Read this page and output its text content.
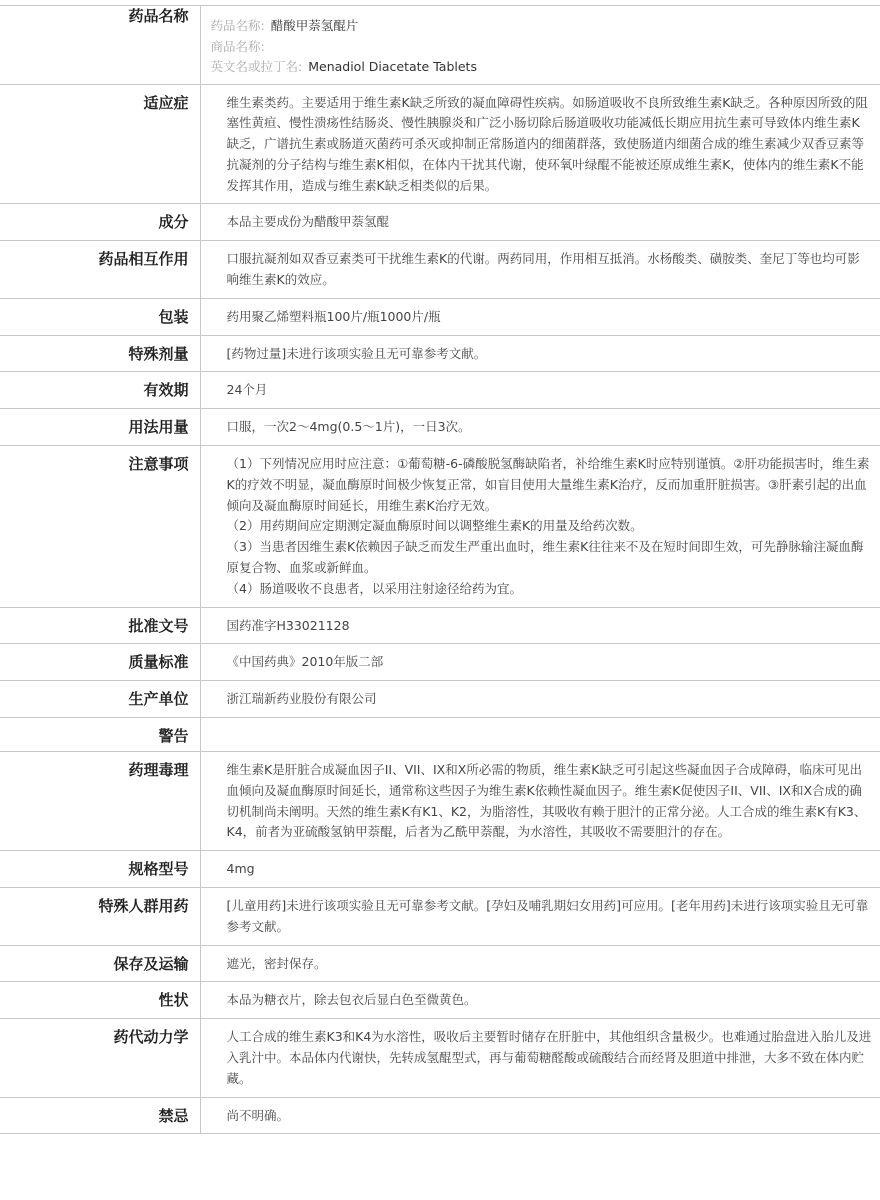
药品名称	药品名称: 醋酸甲萘氢醌片
商品名称:
英文名或拉丁名: Menadiol Diacetate Tablets

适应症	维生素类药。主要适用于维生素K缺乏所致的凝血障碍性疾病。如肠道吸收不良所致维生素K缺乏。各种原因所致的阻塞性黄疸、慢性溃疡性结肠炎、慢性胰腺炎和广泛小肠切除后肠道吸收功能减低长期应用抗生素可导致体内维生素K缺乏，广谱抗生素或肠道灭菌药可杀灭或抑制正常肠道内的细菌群落，致使肠道内细菌合成的维生素减少双香豆素等抗凝剂的分子结构与维生素K相似，在体内干扰其代谢，使环氧叶绿醌不能被还原成维生素K，使体内的维生素K不能发挥其作用，造成与维生素K缺乏相类似的后果。

成分	本品主要成份为醋酸甲萘氢醌

药品相互作用	口服抗凝剂如双香豆素类可干扰维生素K的代谢。两药同用，作用相互抵消。水杨酸类、磺胺类、奎尼丁等也均可影响维生素K的效应。

包装	药用聚乙烯塑料瓶100片/瓶1000片/瓶

特殊剂量	[药物过量]未进行该项实验且无可靠参考文献。

有效期	24个月

用法用量	口服，一次2～4mg(0.5～1片)，一日3次。

注意事项	（1）下列情况应用时应注意：①葡萄糖-6-磷酸脱氢酶缺陷者，补给维生素K时应特别谨慎。②肝功能损害时，维生素K的疗效不明显，凝血酶原时间极少恢复正常，如盲目使用大量维生素K治疗，反而加重肝脏损害。③肝素引起的出血倾向及凝血酶原时间延长，用维生素K治疗无效。

（2）用药期间应定期测定凝血酶原时间以调整维生素K的用量及给药次数。

（3）当患者因维生素K依赖因子缺乏而发生严重出血时，维生素K往往来不及在短时间即生效，可先静脉输注凝血酶原复合物、血浆或新鲜血。

（4）肠道吸收不良患者，以采用注射途径给药为宜。

批准文号	国药准字H33021128

质量标准	《中国药典》2010年版二部

生产单位	浙江瑞新药业股份有限公司

警告	

药理毒理	维生素K是肝脏合成凝血因子II、VII、IX和X所必需的物质，维生素K缺乏可引起这些凝血因子合成障碍，临床可见出血倾向及凝血酶原时间延长，通常称这些因子为维生素K依赖性凝血因子。维生素K促使因子II、VII、IX和X合成的确切机制尚未阐明。天然的维生素K有K1、K2，为脂溶性，其吸收有赖于胆汁的正常分泌。人工合成的维生素K有K3、K4，前者为亚硫酸氢钠甲萘醌，后者为乙酰甲萘醌，为水溶性，其吸收不需要胆汁的存在。

规格型号	4mg

特殊人群用药	[儿童用药]未进行该项实验且无可靠参考文献。[孕妇及哺乳期妇女用药]可应用。[老年用药]未进行该项实验且无可靠参考文献。

保存及运输	遮光，密封保存。

性状	本品为糖衣片，除去包衣后显白色至微黄色。

药代动力学	人工合成的维生素K3和K4为水溶性，吸收后主要暂时储存在肝脏中，其他组织含量极少。也难通过胎盘进入胎儿及进入乳汁中。本品体内代谢快，先转成氢醌型式，再与葡萄糖醛酸或硫酸结合而经肾及胆道中排泄，大多不致在体内贮藏。

禁忌	尚不明确。
